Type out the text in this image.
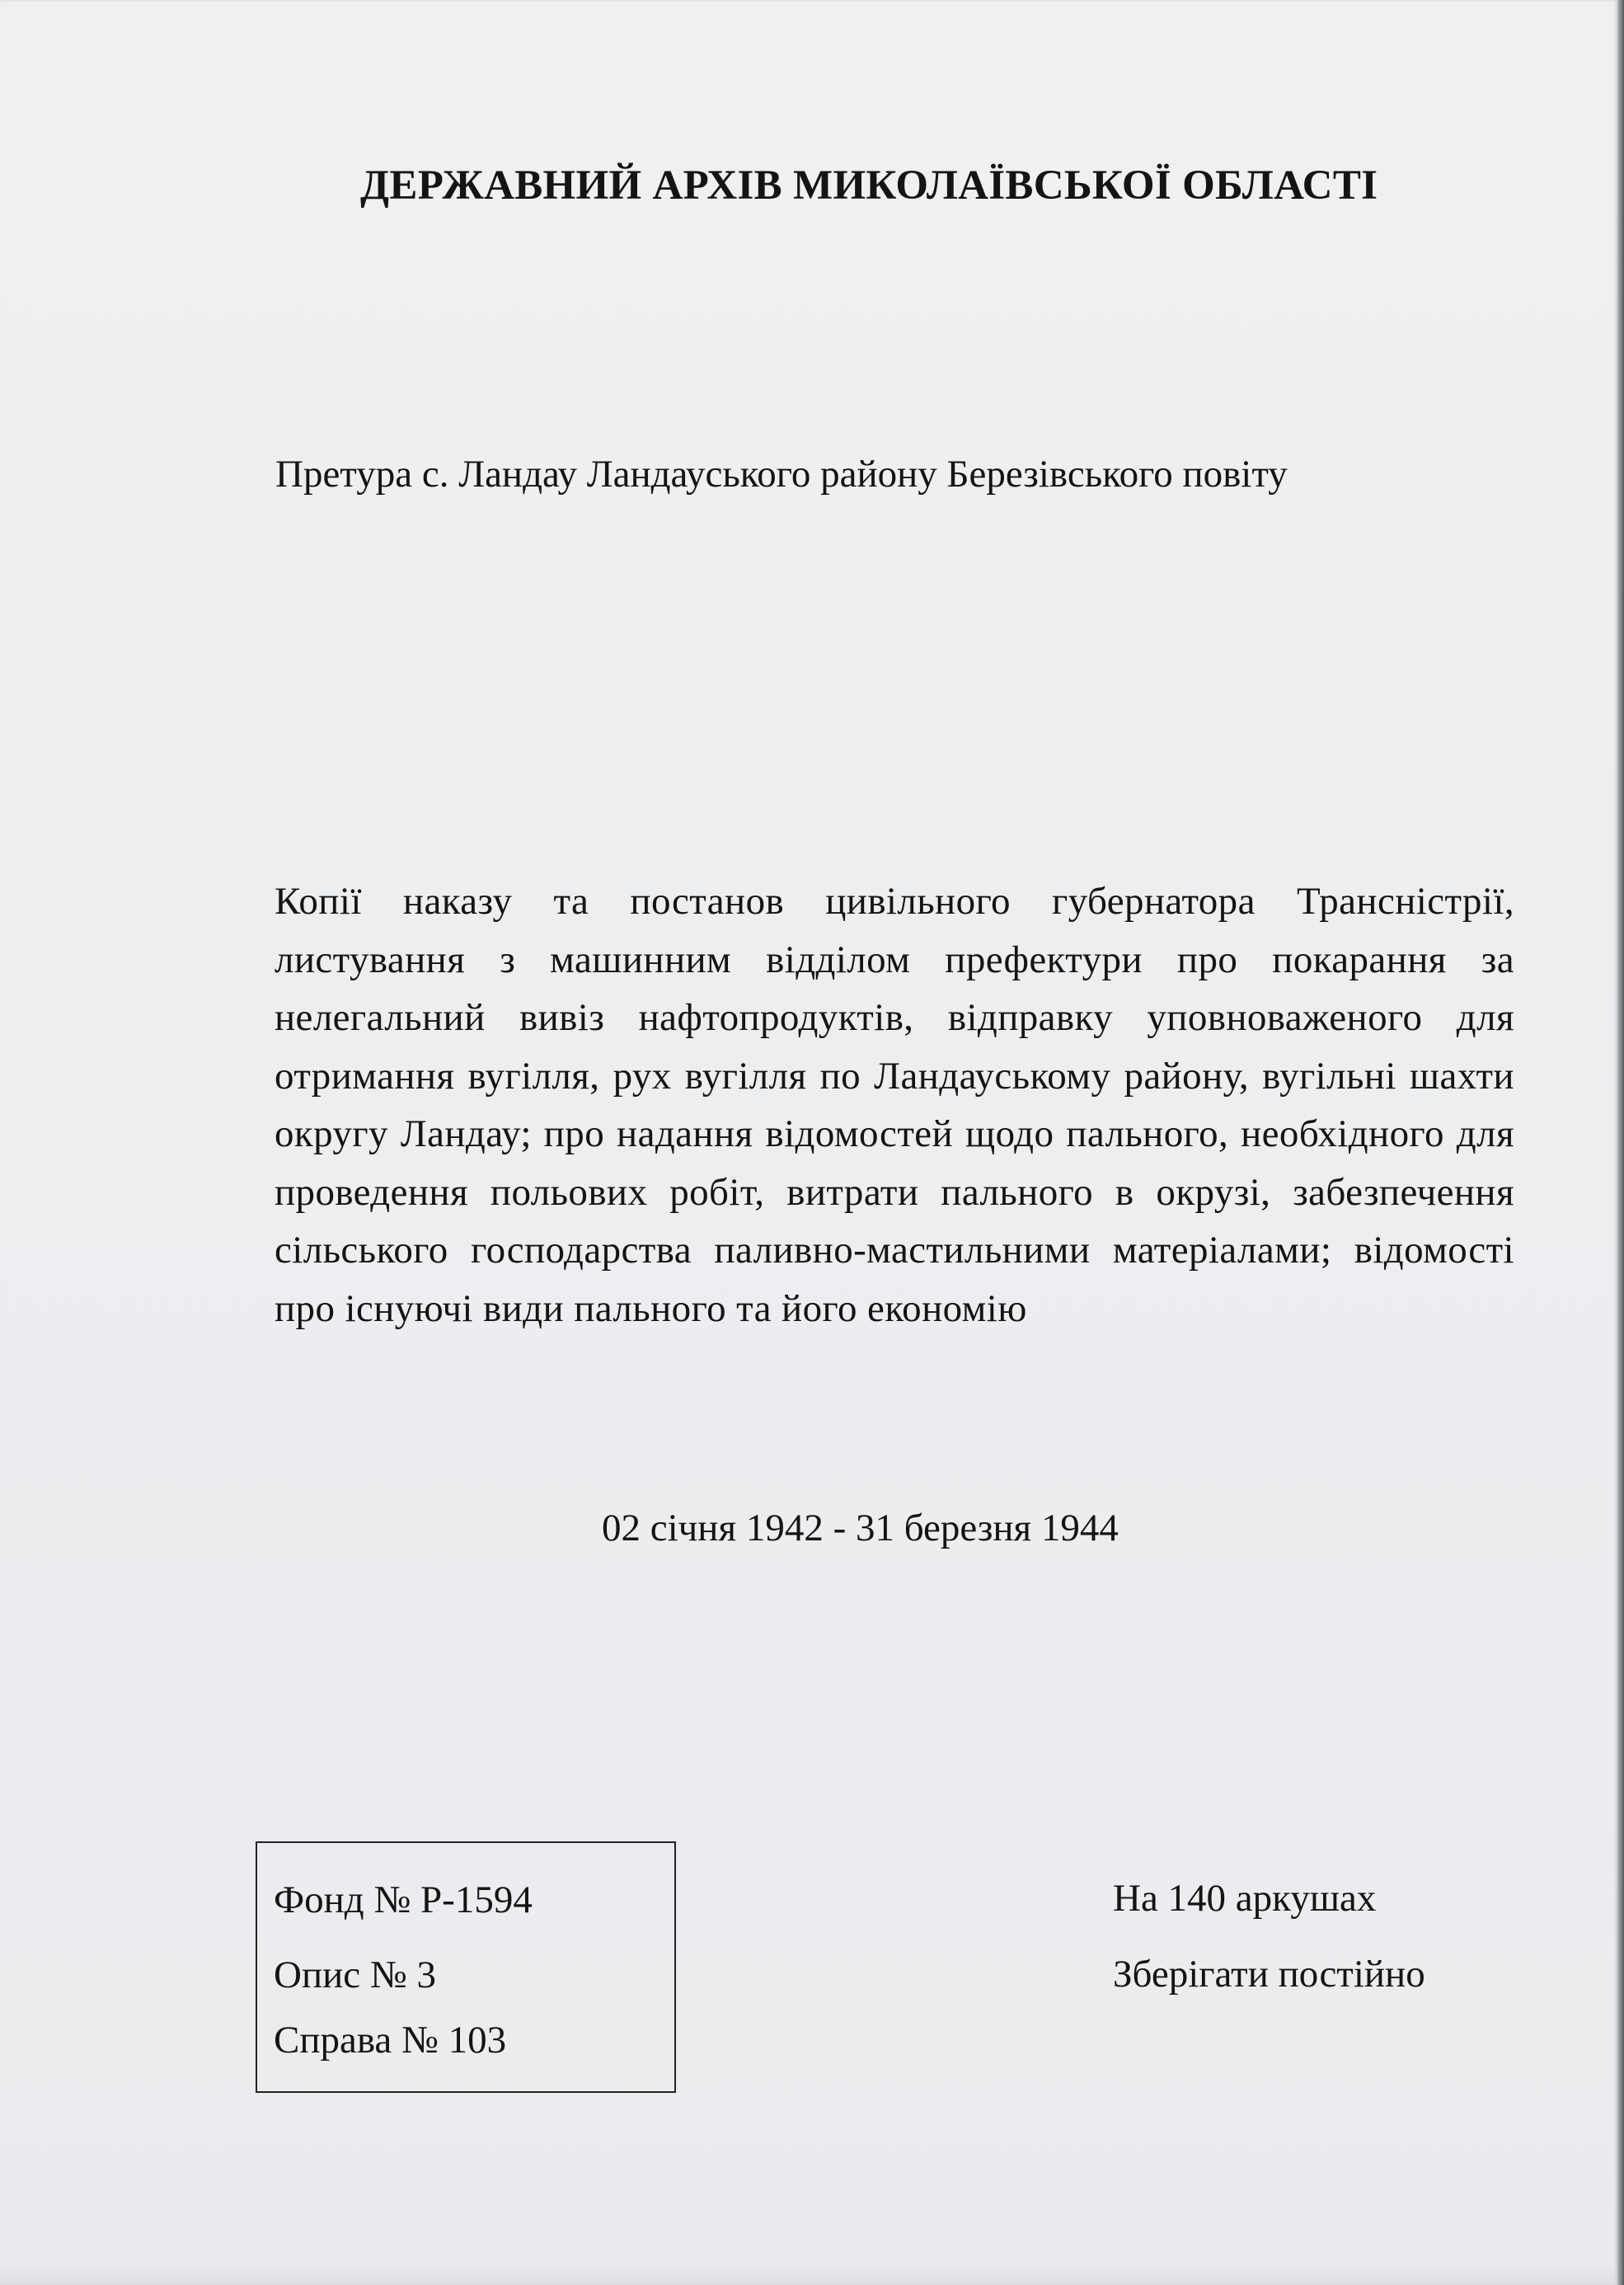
ДЕРЖАВНИЙ АРХІВ МИКОЛАЇВСЬКОЇ ОБЛАСТІ
Претура с. Ландау Ландауського району Березівського повіту
Копії наказу та постанов цивільного губернатора Трансністрії, листування з машинним відділом префектури про покарання за нелегальний вивіз нафтопродуктів, відправку уповноваженого для отримання вугілля, рух вугілля по Ландауському району, вугільні шахти округу Ландау; про надання відомостей щодо пального, необхідного для проведення польових робіт, витрати пального в окрузі, забезпечення сільського господарства паливно-мастильними матеріалами; відомості про існуючі види пального та його економію
02 січня 1942 - 31 березня 1944
Фонд № Р-1594
Опис № 3
Справа № 103
На 140 аркушах
Зберігати постійно
